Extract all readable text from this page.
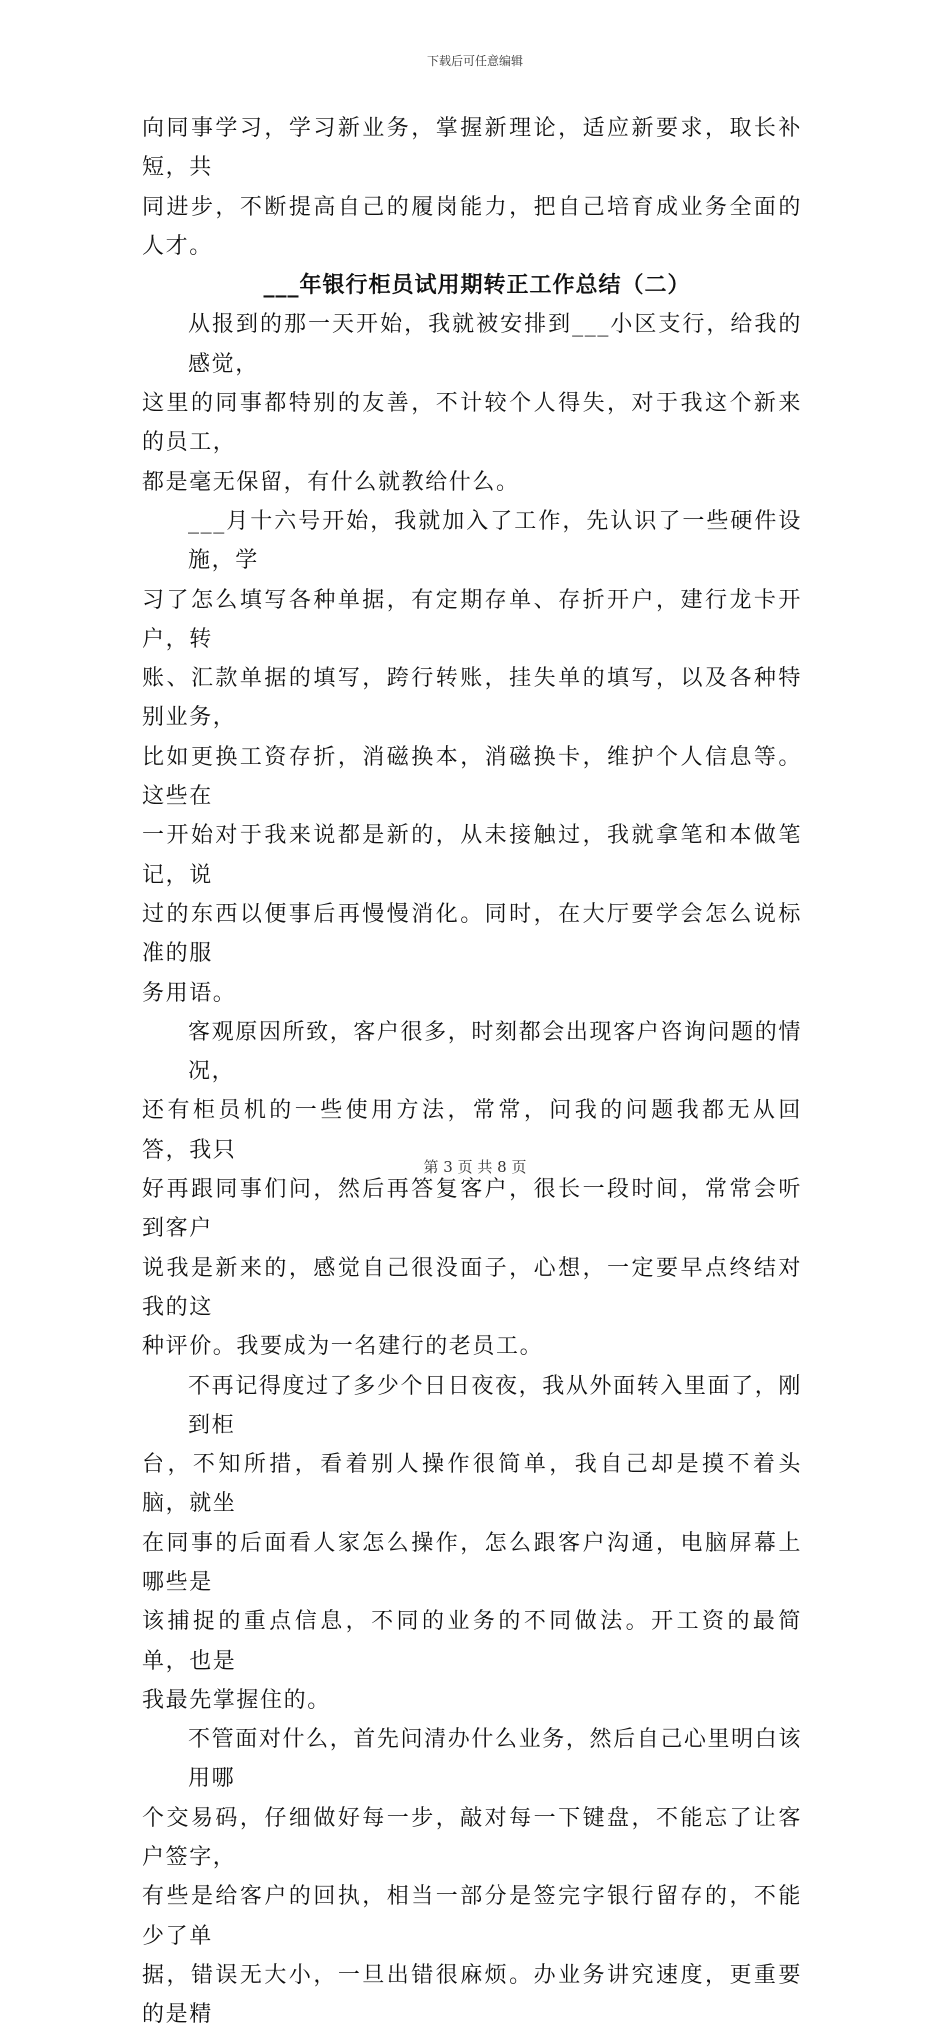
下载后可任意编辑

向同事学习，学习新业务，掌握新理论，适应新要求，取长补短，共
同进步，不断提高自己的履岗能力，把自己培育成业务全面的人才。

___年银行柜员试用期转正工作总结（二）

从报到的那一天开始，我就被安排到___小区支行，给我的感觉，
这里的同事都特别的友善，不计较个人得失，对于我这个新来的员工，
都是毫无保留，有什么就教给什么。

___月十六号开始，我就加入了工作，先认识了一些硬件设施，学
习了怎么填写各种单据，有定期存单、存折开户，建行龙卡开户，转
账、汇款单据的填写，跨行转账，挂失单的填写，以及各种特别业务，
比如更换工资存折，消磁换本，消磁换卡，维护个人信息等。这些在
一开始对于我来说都是新的，从未接触过，我就拿笔和本做笔记，说
过的东西以便事后再慢慢消化。同时，在大厅要学会怎么说标准的服
务用语。

客观原因所致，客户很多，时刻都会出现客户咨询问题的情况，
还有柜员机的一些使用方法，常常，问我的问题我都无从回答，我只
好再跟同事们问，然后再答复客户，很长一段时间，常常会听到客户
说我是新来的，感觉自己很没面子，心想，一定要早点终结对我的这
种评价。我要成为一名建行的老员工。

不再记得度过了多少个日日夜夜，我从外面转入里面了，刚到柜
台，不知所措，看着别人操作很简单，我自己却是摸不着头脑，就坐
在同事的后面看人家怎么操作，怎么跟客户沟通，电脑屏幕上哪些是
该捕捉的重点信息，不同的业务的不同做法。开工资的最简单，也是
我最先掌握住的。

不管面对什么，首先问清办什么业务，然后自己心里明白该用哪
个交易码，仔细做好每一步，敲对每一下键盘，不能忘了让客户签字，
有些是给客户的回执，相当一部分是签完字银行留存的，不能少了单
据，错误无大小，一旦出错很麻烦。办业务讲究速度，更重要的是精

第 3 页 共 8 页
